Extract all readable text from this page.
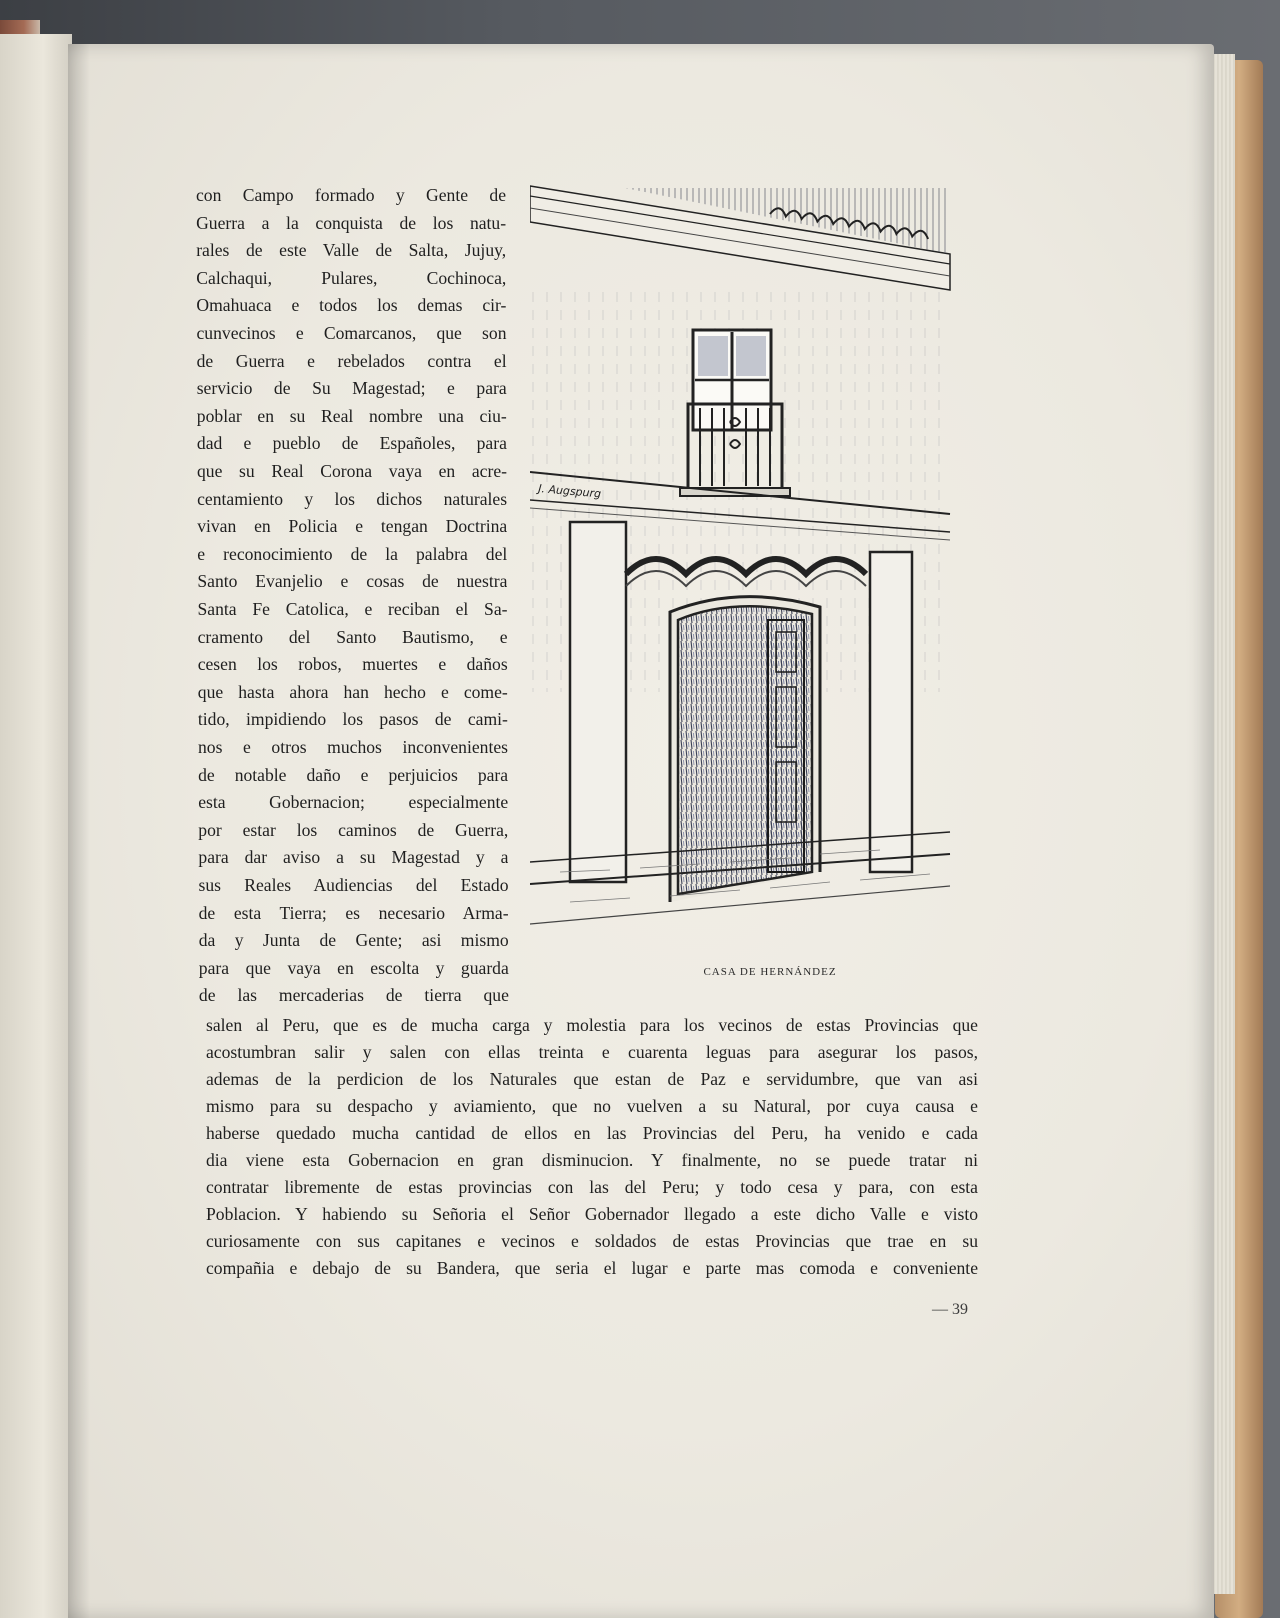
con Campo formado y Gente de
Guerra a la conquista de los natu-
rales de este Valle de Salta, Jujuy,
Calchaqui, Pulares, Cochinoca,
Omahuaca e todos los demas cir-
cunvecinos e Comarcanos, que son
de Guerra e rebelados contra el
servicio de Su Magestad; e para
poblar en su Real nombre una ciu-
dad e pueblo de Españoles, para
que su Real Corona vaya en acre-
centamiento y los dichos naturales
vivan en Policia e tengan Doctrina
e reconocimiento de la palabra del
Santo Evanjelio e cosas de nuestra
Santa Fe Catolica, e reciban el Sa-
cramento del Santo Bautismo, e
cesen los robos, muertes e daños
que hasta ahora han hecho e come-
tido, impidiendo los pasos de cami-
nos e otros muchos inconvenientes
de notable daño e perjuicios para
esta Gobernacion; especialmente
por estar los caminos de Guerra,
para dar aviso a su Magestad y a
sus Reales Audiencias del Estado
de esta Tierra; es necesario Arma-
da y Junta de Gente; asi mismo
para que vaya en escolta y guarda
de las mercaderias de tierra que
salen al Peru, que es de mucha carga y molestia para los vecinos de estas Provincias que
acostumbran salir y salen con ellas treinta e cuarenta leguas para asegurar los pasos,
ademas de la perdicion de los Naturales que estan de Paz e servidumbre, que van asi
mismo para su despacho y aviamiento, que no vuelven a su Natural, por cuya causa e
haberse quedado mucha cantidad de ellos en las Provincias del Peru, ha venido e cada
dia viene esta Gobernacion en gran disminucion. Y finalmente, no se puede tratar ni
contratar libremente de estas provincias con las del Peru; y todo cesa y para, con esta
Poblacion. Y habiendo su Señoria el Señor Gobernador llegado a este dicho Valle e visto
curiosamente con sus capitanes e vecinos e soldados de estas Provincias que trae en su
compañia e debajo de su Bandera, que seria el lugar e parte mas comoda e conveniente
J. Augspurg
CASA DE HERNÁNDEZ
— 39
